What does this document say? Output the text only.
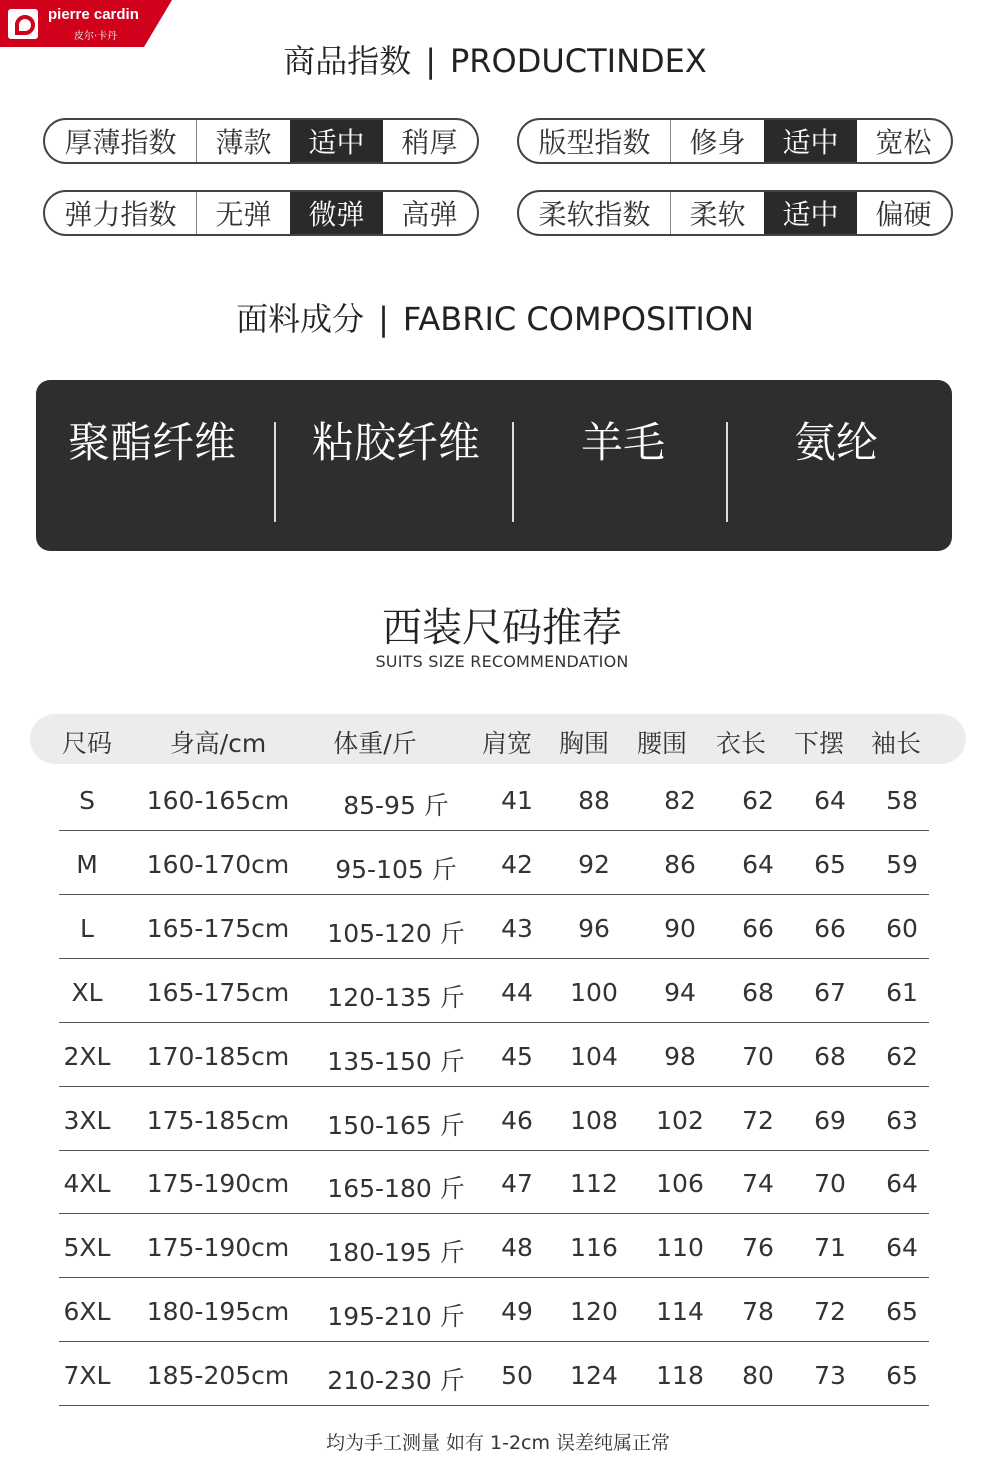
pierre cardin
皮尔·卡丹
商品指数 | PRODUCTINDEX
厚薄指数	薄款	适中	稍厚	版型指数	修身	适中	宽松
弹力指数	无弹	微弹	高弹	柔软指数	柔软	适中	偏硬
面料成分 | FABRIC COMPOSITION
聚酯纤维 粘胶纤维 羊毛	氨纶
西装尺码推荐
SUITS SIZE RECOMMENDATION
尺码 身高/cm	体重/斤	肩宽 胸围 腰围 衣长 下摆 袖长
S 160-165cm 85-95 斤 41 88 82 62 64 58
M 160-170cm 95-105 斤 42 92 86 64 65 59
L 165-175cm 105-120 斤 43 96 90 66 66 60
XL 165-175cm 120-135 斤 44 100 94 68 67 61
2XL 170-185cm 135-150 斤 45 104 98 70 68 62
3XL 175-185cm 150-165 斤 46 108 102 72 69 63
4XL 175-190cm 165-180 斤 47 112 106 74 70 64
5XL 175-190cm 180-195 斤 48 116 110 76 71 64
6XL 180-195cm 195-210 斤 49 120 114 78 72 65
7XL 185-205cm 210-230 斤 50 124 118 80 73 65
均为手工测量 如有 1-2cm 误差纯属正常
